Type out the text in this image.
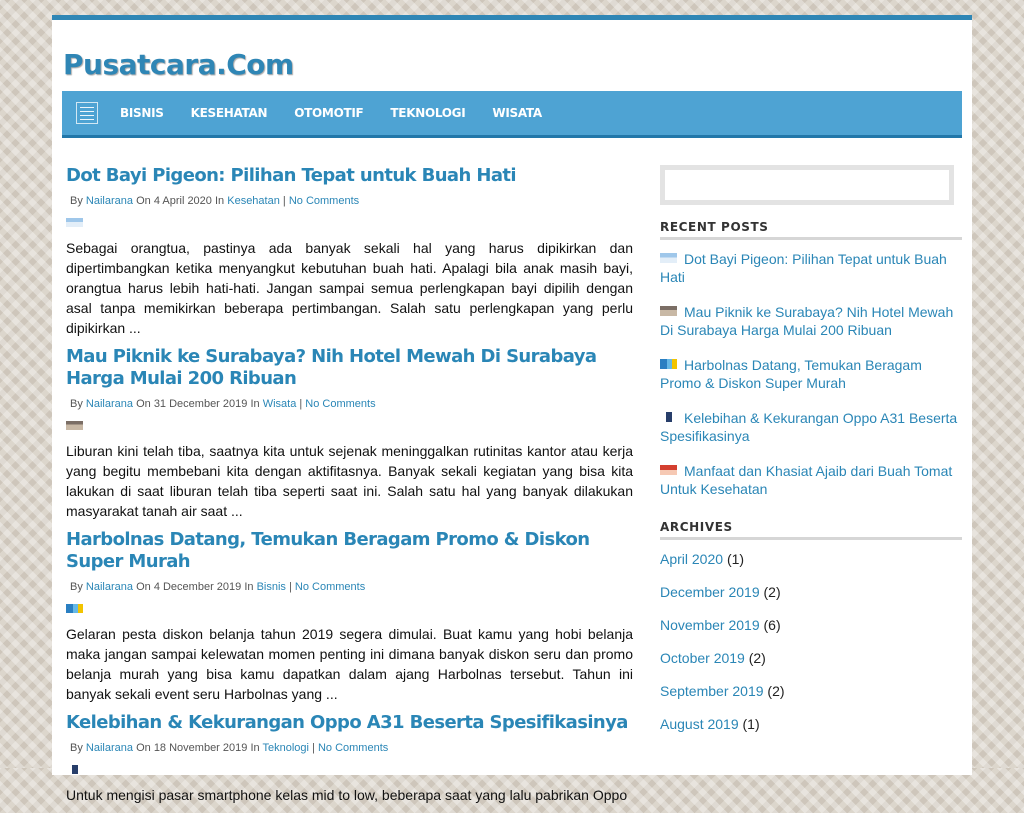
Pusatcara.Com
BISNIS KESEHATAN OTOMOTIF TEKNOLOGI WISATA
Dot Bayi Pigeon: Pilihan Tepat untuk Buah Hati
By Nailarana On 4 April 2020 In Kesehatan | No Comments

Sebagai orangtua, pastinya ada banyak sekali hal yang harus dipikirkan dan dipertimbangkan ketika menyangkut kebutuhan buah hati. Apalagi bila anak masih bayi, orangtua harus lebih hati-hati. Jangan sampai semua perlengkapan bayi dipilih dengan asal tanpa memikirkan beberapa pertimbangan. Salah satu perlengkapan yang perlu dipikirkan ...

Mau Piknik ke Surabaya? Nih Hotel Mewah Di Surabaya Harga Mulai 200 Ribuan
By Nailarana On 31 December 2019 In Wisata | No Comments

Liburan kini telah tiba, saatnya kita untuk sejenak meninggalkan rutinitas kantor atau kerja yang begitu membebani kita dengan aktifitasnya. Banyak sekali kegiatan yang bisa kita lakukan di saat liburan telah tiba seperti saat ini. Salah satu hal yang banyak dilakukan masyarakat tanah air saat ...

Harbolnas Datang, Temukan Beragam Promo & Diskon Super Murah
By Nailarana On 4 December 2019 In Bisnis | No Comments

Gelaran pesta diskon belanja tahun 2019 segera dimulai. Buat kamu yang hobi belanja maka jangan sampai kelewatan momen penting ini dimana banyak diskon seru dan promo belanja murah yang bisa kamu dapatkan dalam ajang Harbolnas tersebut. Tahun ini banyak sekali event seru Harbolnas yang ...

Kelebihan & Kekurangan Oppo A31 Beserta Spesifikasinya
By Nailarana On 18 November 2019 In Teknologi | No Comments

Untuk mengisi pasar smartphone kelas mid to low, beberapa saat yang lalu pabrikan Oppo

RECENT POSTS
Dot Bayi Pigeon: Pilihan Tepat untuk Buah Hati
Mau Piknik ke Surabaya? Nih Hotel Mewah Di Surabaya Harga Mulai 200 Ribuan
Harbolnas Datang, Temukan Beragam Promo & Diskon Super Murah
Kelebihan & Kekurangan Oppo A31 Beserta Spesifikasinya
Manfaat dan Khasiat Ajaib dari Buah Tomat Untuk Kesehatan
ARCHIVES
April 2020 (1)
December 2019 (2)
November 2019 (6)
October 2019 (2)
September 2019 (2)
August 2019 (1)
